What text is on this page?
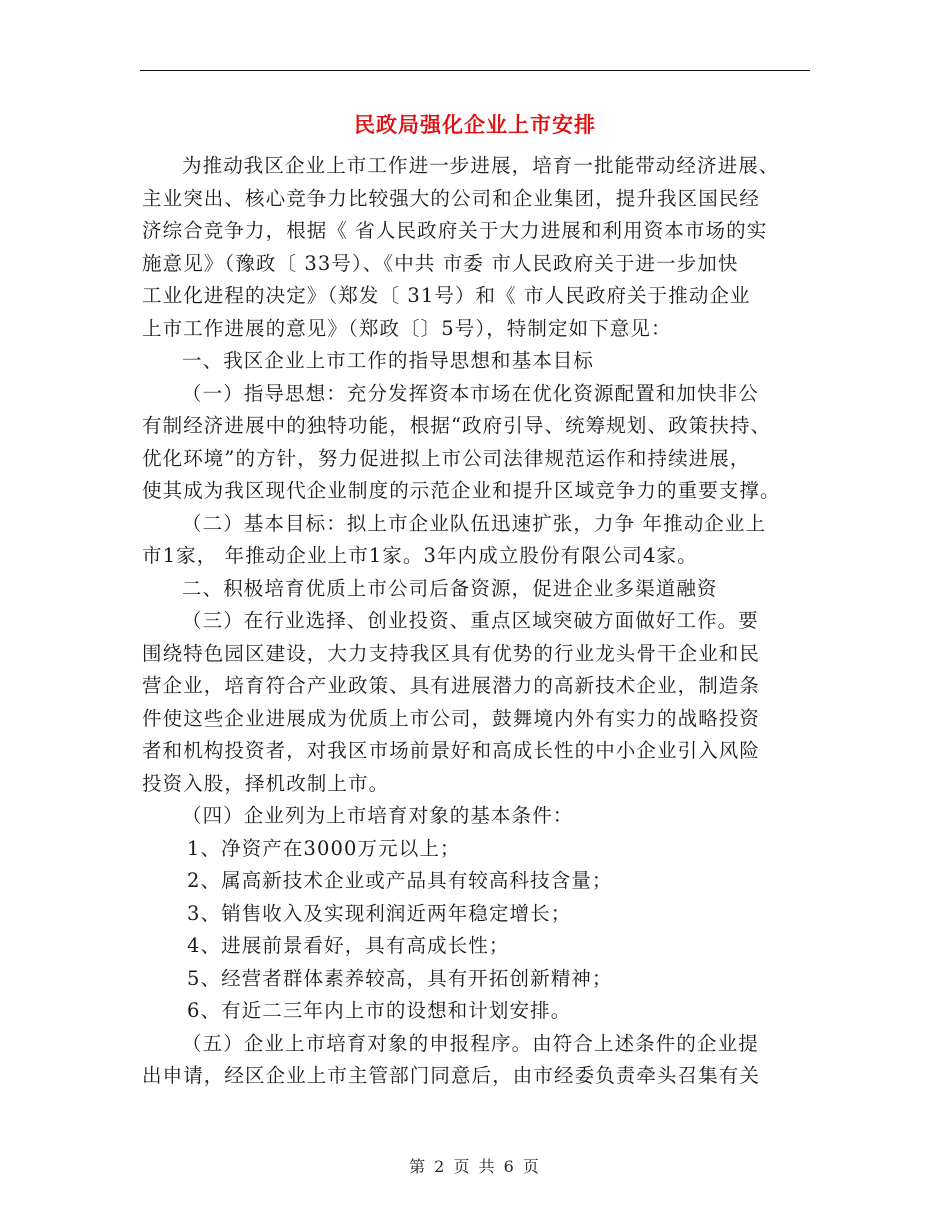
民政局强化企业上市安排
为推动我区企业上市工作进一步进展，培育一批能带动经济进展、
主业突出、核心竞争力比较强大的公司和企业集团，提升我区国民经
济综合竞争力，根据《 省人民政府关于大力进展和利用资本市场的实
施意见》（豫政〔 33号）、《中共 市委 市人民政府关于进一步加快
工业化进程的决定》（郑发〔 31号）和《 市人民政府关于推动企业
上市工作进展的意见》（郑政〔〕5号），特制定如下意见：
一、我区企业上市工作的指导思想和基本目标
（一）指导思想：充分发挥资本市场在优化资源配置和加快非公
有制经济进展中的独特功能，根据“政府引导、统筹规划、政策扶持、
优化环境”的方针，努力促进拟上市公司法律规范运作和持续进展，
使其成为我区现代企业制度的示范企业和提升区域竞争力的重要支撑。
（二）基本目标：拟上市企业队伍迅速扩张，力争 年推动企业上
市1家， 年推动企业上市1家。3年内成立股份有限公司4家。
二、积极培育优质上市公司后备资源，促进企业多渠道融资
（三）在行业选择、创业投资、重点区域突破方面做好工作。要
围绕特色园区建设，大力支持我区具有优势的行业龙头骨干企业和民
营企业，培育符合产业政策、具有进展潜力的高新技术企业，制造条
件使这些企业进展成为优质上市公司，鼓舞境内外有实力的战略投资
者和机构投资者，对我区市场前景好和高成长性的中小企业引入风险
投资入股，择机改制上市。
（四）企业列为上市培育对象的基本条件：
1、净资产在3000万元以上；
2、属高新技术企业或产品具有较高科技含量；
3、销售收入及实现利润近两年稳定增长；
4、进展前景看好，具有高成长性；
5、经营者群体素养较高，具有开拓创新精神；
6、有近二三年内上市的设想和计划安排。
（五）企业上市培育对象的申报程序。由符合上述条件的企业提
出申请，经区企业上市主管部门同意后，由市经委负责牵头召集有关
第 2 页 共 6 页
